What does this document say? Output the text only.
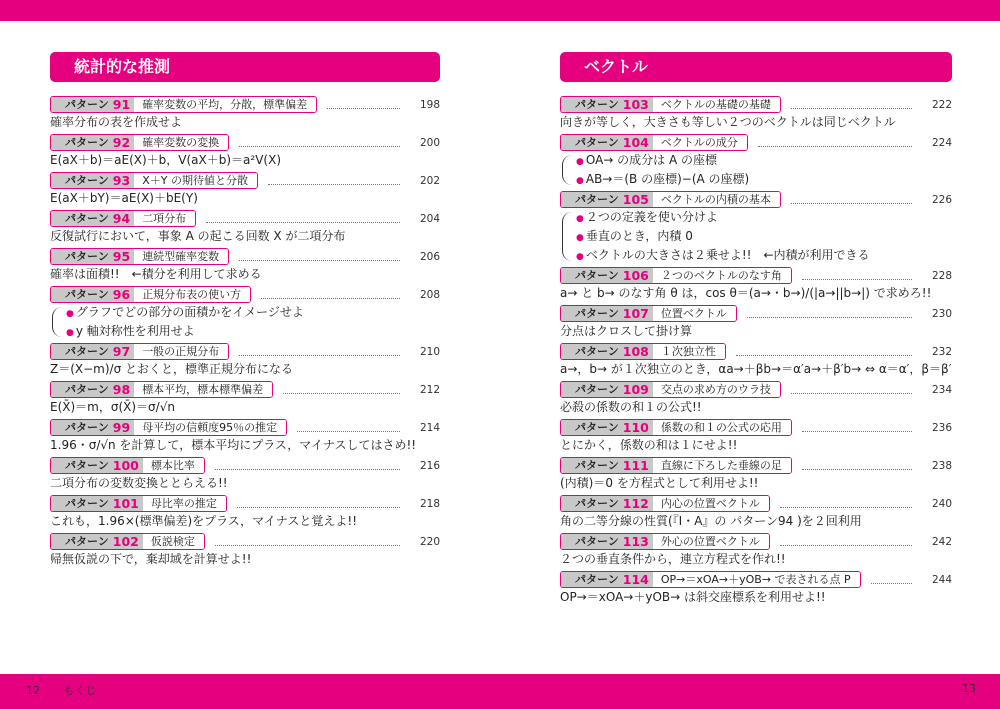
統計的な推測
パターン 91	確率変数の平均，分散，標準偏差	198
確率分布の表を作成せよ
パターン 92	確率変数の変換	200
E(aX＋b)＝aE(X)＋b，V(aX＋b)＝a²V(X)
パターン 93	X＋Y の期待値と分散	202
E(aX＋bY)＝aE(X)＋bE(Y)
パターン 94	二項分布	204
反復試行において，事象 A の起こる回数 X が二項分布
パターン 95	連続型確率変数	206
確率は面積!!　←積分を利用して求める
パターン 96	正規分布表の使い方	208
● グラフでどの部分の面積かをイメージせよ
● y 軸対称性を利用せよ
パターン 97	一般の正規分布	210
Z＝(X−m)/σ とおくと，標準正規分布になる
パターン 98	標本平均，標本標準偏差	212
E(X̄)＝m，σ(X̄)＝σ/√n
パターン 99	母平均の信頼度95％の推定	214
1.96・σ/√n を計算して，標本平均にプラス，マイナスしてはさめ!!
パターン 100	標本比率	216
二項分布の変数変換ととらえる!!
パターン 101	母比率の推定	218
これも，1.96×(標準偏差)をプラス，マイナスと覚えよ!!
パターン 102	仮説検定	220
帰無仮説の下で，棄却域を計算せよ!!
ベクトル
パターン 103	ベクトルの基礎の基礎	222
向きが等しく，大きさも等しい２つのベクトルは同じベクトル
パターン 104	ベクトルの成分	224
● OA→ の成分は A の座標
● AB→＝(B の座標)−(A の座標)
パターン 105	ベクトルの内積の基本	226
● ２つの定義を使い分けよ
● 垂直のとき，内積 0
● ベクトルの大きさは２乗せよ!!　←内積が利用できる
パターン 106	２つのベクトルのなす角	228
a→ と b→ のなす角 θ は，cos θ＝(a→・b→)/(|a→||b→|) で求めろ!!
パターン 107	位置ベクトル	230
分点はクロスして掛け算
パターン 108	１次独立性	232
a→，b→ が１次独立のとき，αa→＋βb→＝α′a→＋β′b→ ⇔ α＝α′，β＝β′
パターン 109	交点の求め方のウラ技	234
必殺の係数の和１の公式!!
パターン 110	係数の和１の公式の応用	236
とにかく，係数の和は１にせよ!!
パターン 111	直線に下ろした垂線の足	238
(内積)＝0 を方程式として利用せよ!!
パターン 112	内心の位置ベクトル	240
角の二等分線の性質(『Ⅰ・A』の パターン94 )を２回利用
パターン 113	外心の位置ベクトル	242
２つの垂直条件から，連立方程式を作れ!!
パターン 114	OP→＝xOA→＋yOB→ で表される点 P	244
OP→＝xOA→＋yOB→ は斜交座標系を利用せよ!!
12 もくじ	13
